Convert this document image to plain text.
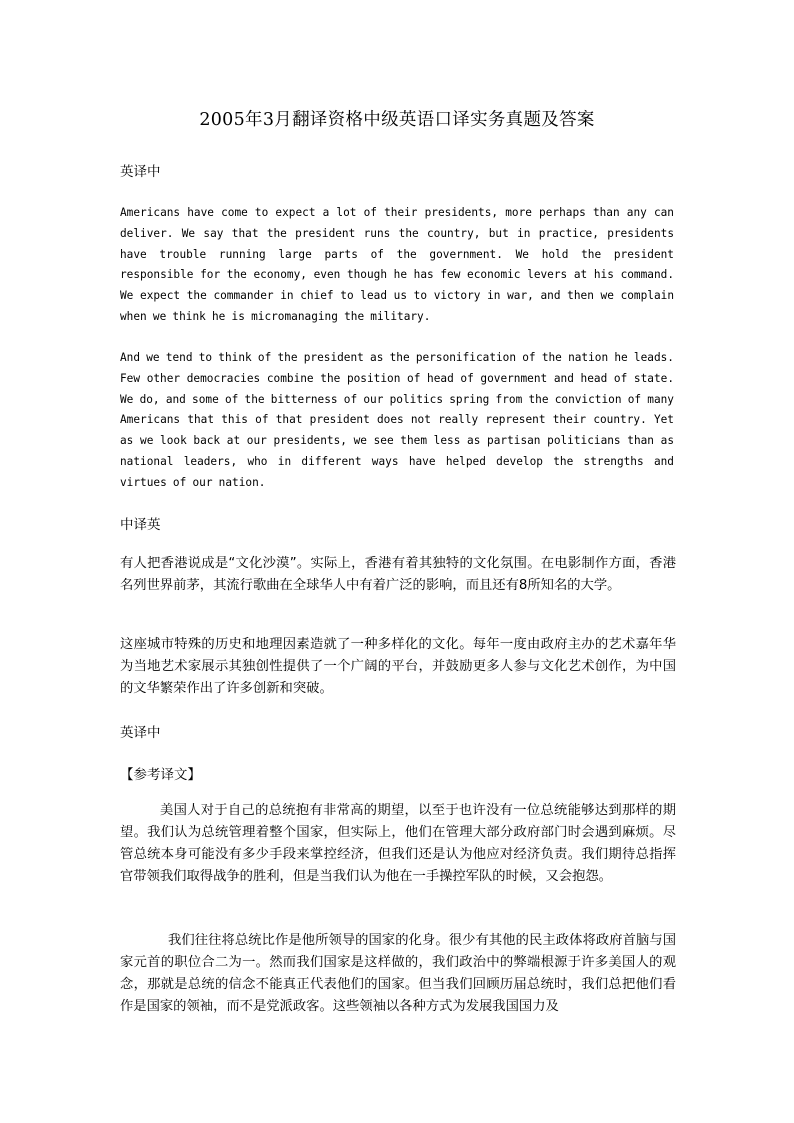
2005年3月翻译资格中级英语口译实务真题及答案
英译中
Americans have come to expect a lot of their presidents, more perhaps than any can deliver. We say that the president runs the country, but in practice, presidents have trouble running large parts of the government. We hold the president responsible for the economy, even though he has few economic levers at his command. We expect the commander in chief to lead us to victory in war, and then we complain when we think he is micromanaging the military.
And we tend to think of the president as the personification of the nation he leads. Few other democracies combine the position of head of government and head of state. We do, and some of the bitterness of our politics spring from the conviction of many Americans that this of that president does not really represent their country. Yet as we look back at our presidents, we see them less as partisan politicians than as national leaders, who in different ways have helped develop the strengths and virtues of our nation.
中译英
有人把香港说成是“文化沙漠”。实际上，香港有着其独特的文化氛围。在电影制作方面，香港名列世界前茅，其流行歌曲在全球华人中有着广泛的影响，而且还有8所知名的大学。
这座城市特殊的历史和地理因素造就了一种多样化的文化。每年一度由政府主办的艺术嘉年华为当地艺术家展示其独创性提供了一个广阔的平台，并鼓励更多人参与文化艺术创作，为中国的文华繁荣作出了许多创新和突破。
英译中
【参考译文】
美国人对于自己的总统抱有非常高的期望，以至于也许没有一位总统能够达到那样的期望。我们认为总统管理着整个国家，但实际上，他们在管理大部分政府部门时会遇到麻烦。尽管总统本身可能没有多少手段来掌控经济，但我们还是认为他应对经济负责。我们期待总指挥官带领我们取得战争的胜利，但是当我们认为他在一手操控军队的时候，又会抱怨。
我们往往将总统比作是他所领导的国家的化身。很少有其他的民主政体将政府首脑与国家元首的职位合二为一。然而我们国家是这样做的，我们政治中的弊端根源于许多美国人的观念，那就是总统的信念不能真正代表他们的国家。但当我们回顾历届总统时，我们总把他们看作是国家的领袖，而不是党派政客。这些领袖以各种方式为发展我国国力及
